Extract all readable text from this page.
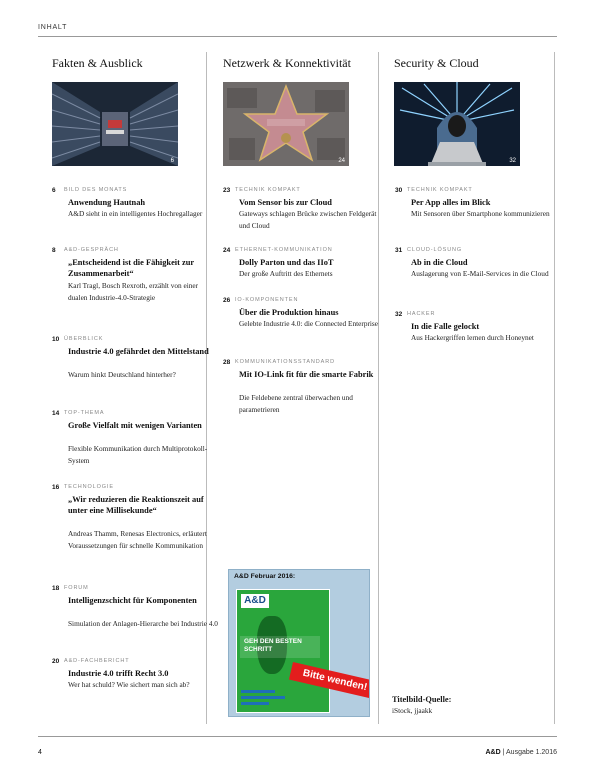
INHALT
Fakten & Ausblick
6
Netzwerk & Konnektivität
24
Security & Cloud
32
6 BILD DES MONATS
Anwendung Hautnah
A&D sieht in ein intelligentes Hochregallager
8 A&D-GESPRÄCH
„Entscheidend ist die Fähigkeit zur Zusammenarbeit“
Karl Tragl, Bosch Rexroth, erzählt von einer dualen Industrie-4.0-Strategie
10 ÜBERBLICK
Industrie 4.0 gefährdet den Mittelstand
Warum hinkt Deutschland hinterher?
14 TOP-THEMA
Große Vielfalt mit wenigen Varianten
Flexible Kommunikation durch Multiprotokoll-System
16 TECHNOLOGIE
„Wir reduzieren die Reaktionszeit auf unter eine Millisekunde“
Andreas Thamm, Renesas Electronics, erläutert Voraussetzungen für schnelle Kommunikation
18 FORUM
Intelligenzschicht für Komponenten
Simulation der Anlagen-Hierarche bei Industrie 4.0
20 A&D-FACHBERICHT
Industrie 4.0 trifft Recht 3.0
Wer hat schuld? Wie sichert man sich ab?
23 TECHNIK KOMPAKT
Vom Sensor bis zur Cloud
Gateways schlagen Brücke zwischen Feldgerät und Cloud
24 ETHERNET-KOMMUNIKATION
Dolly Parton und das IIoT
Der große Auftritt des Ethernets
26 IO-KOMPONENTEN
Über die Produktion hinaus
Gelebte Industrie 4.0: die Connected Enterprise
28 KOMMUNIKATIONSSTANDARD
Mit IO-Link fit für die smarte Fabrik
Die Feldebene zentral überwachen und parametrieren
30 TECHNIK KOMPAKT
Per App alles im Blick
Mit Sensoren über Smartphone kommunizieren
31 CLOUD-LÖSUNG
Ab in die Cloud
Auslagerung von E-Mail-Services in die Cloud
32 HACKER
In die Falle gelockt
Aus Hackergriffen lernen durch Honeynet
A&D Februar 2016:
A&D
GEH DEN BESTEN SCHRITT
Bitte wenden!
Titelbild-Quelle:
iStock, jjaakk
4	A&D | Ausgabe 1.2016
